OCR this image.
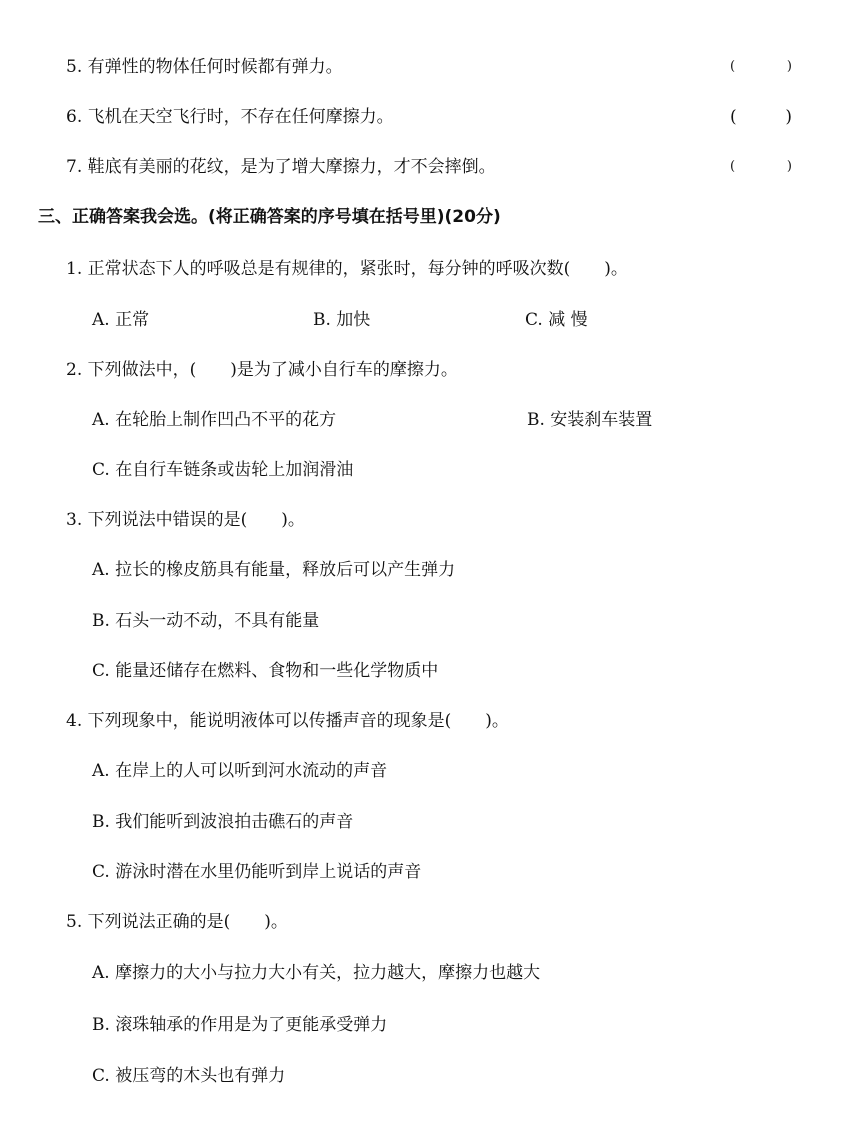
5. 有弹性的物体任何时候都有弹力。	(	)
6. 飞机在天空飞行时，不存在任何摩擦力。	(	)
7. 鞋底有美丽的花纹，是为了增大摩擦力，才不会摔倒。	(	)
三、正确答案我会选。(将正确答案的序号填在括号里)(20分)
1. 正常状态下人的呼吸总是有规律的，紧张时，每分钟的呼吸次数(　　)。
A. 正常	B. 加快	C. 减 慢
2. 下列做法中，(　　)是为了减小自行车的摩擦力。
A. 在轮胎上制作凹凸不平的花方	B. 安装刹车装置
C. 在自行车链条或齿轮上加润滑油
3. 下列说法中错误的是(　　)。
A. 拉长的橡皮筋具有能量，释放后可以产生弹力
B. 石头一动不动，不具有能量
C. 能量还储存在燃料、食物和一些化学物质中
4. 下列现象中，能说明液体可以传播声音的现象是(　　)。
A. 在岸上的人可以听到河水流动的声音
B. 我们能听到波浪拍击礁石的声音
C. 游泳时潜在水里仍能听到岸上说话的声音
5. 下列说法正确的是(　　)。
A. 摩擦力的大小与拉力大小有关，拉力越大，摩擦力也越大
B. 滚珠轴承的作用是为了更能承受弹力
C. 被压弯的木头也有弹力
